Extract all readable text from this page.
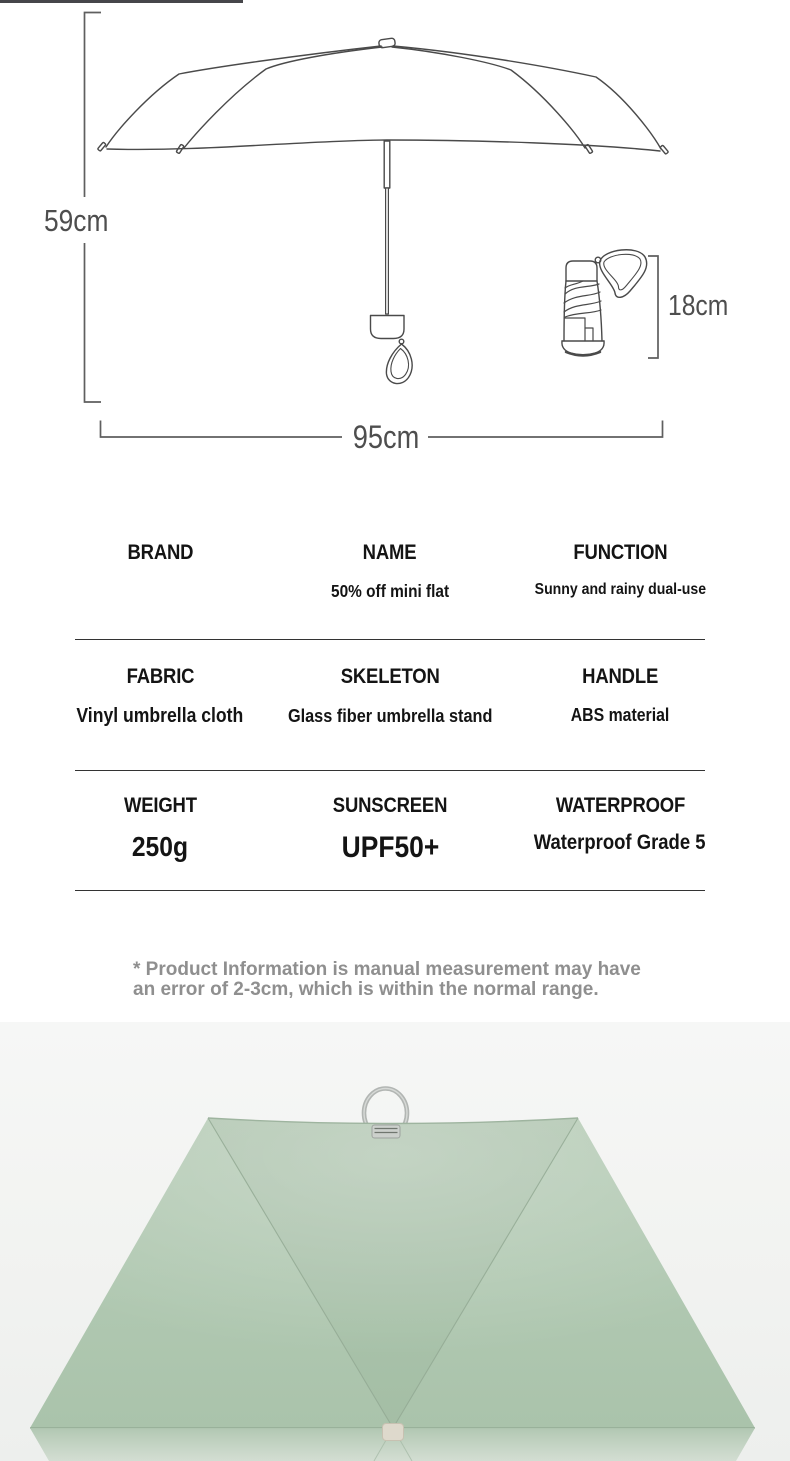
59cm
95cm
18cm
BRAND	NAME
50% off mini flat
FUNCTION
Sunny and rainy dual-use
FABRIC
Vinyl umbrella cloth
SKELETON
Glass fiber umbrella stand
HANDLE
ABS material
WEIGHT
250g
SUNSCREEN
UPF50+
WATERPROOF
Waterproof Grade 5

* Product Information is manual measurement may have an error of 2-3cm, which is within the normal range.
